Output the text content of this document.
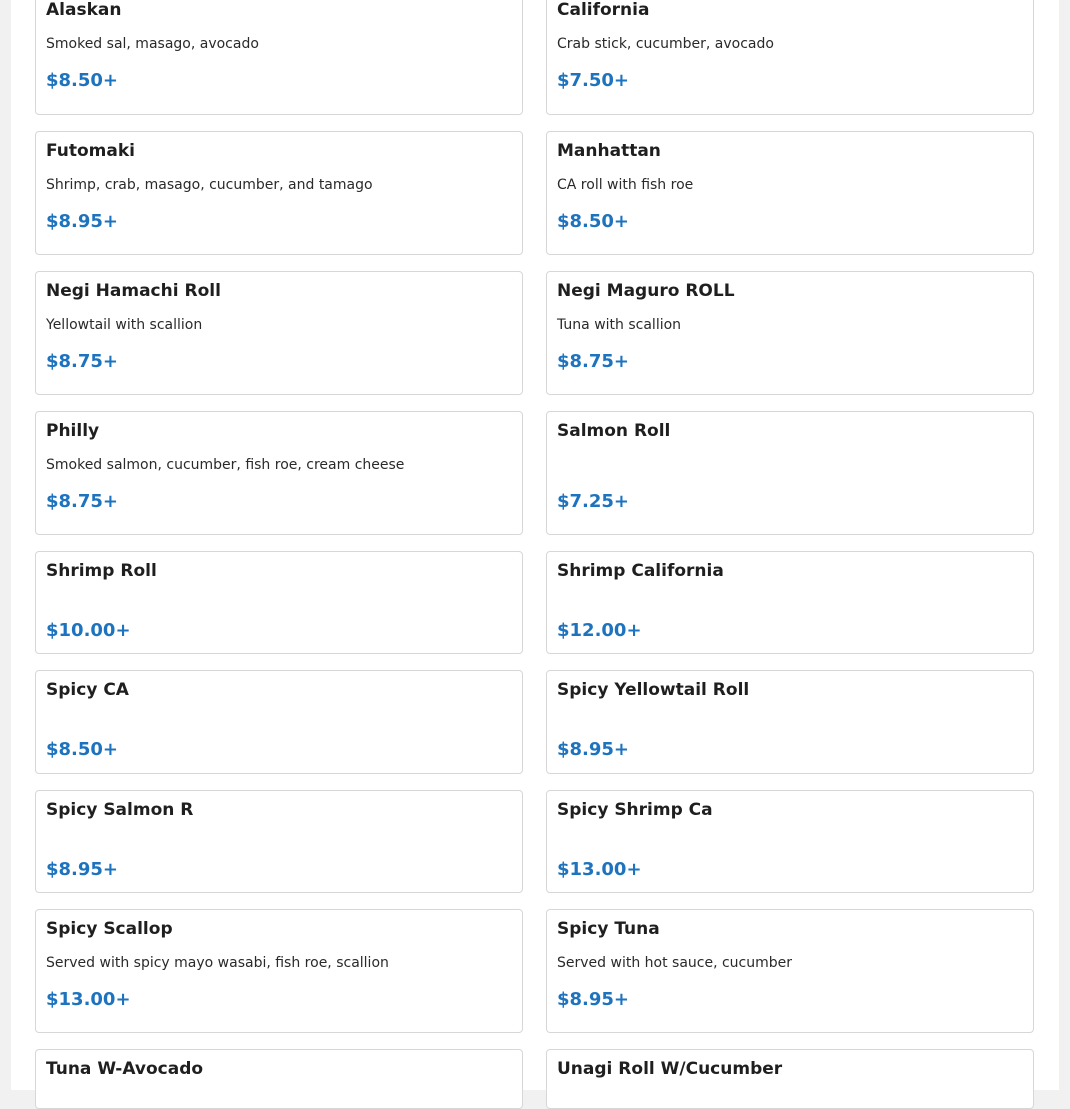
Alaskan
Smoked sal, masago, avocado
$8.50+
California
Crab stick, cucumber, avocado
$7.50+
Futomaki
Shrimp, crab, masago, cucumber, and tamago
$8.95+
Manhattan
CA roll with fish roe
$8.50+
Negi Hamachi Roll
Yellowtail with scallion
$8.75+
Negi Maguro ROLL
Tuna with scallion
$8.75+
Philly
Smoked salmon, cucumber, fish roe, cream cheese
$8.75+
Salmon Roll
$7.25+
Shrimp Roll
$10.00+
Shrimp California
$12.00+
Spicy CA
$8.50+
Spicy Yellowtail Roll
$8.95+
Spicy Salmon R
$8.95+
Spicy Shrimp Ca
$13.00+
Spicy Scallop
Served with spicy mayo wasabi, fish roe, scallion
$13.00+
Spicy Tuna
Served with hot sauce, cucumber
$8.95+
Tuna W-Avocado	Unagi Roll W/Cucumber
